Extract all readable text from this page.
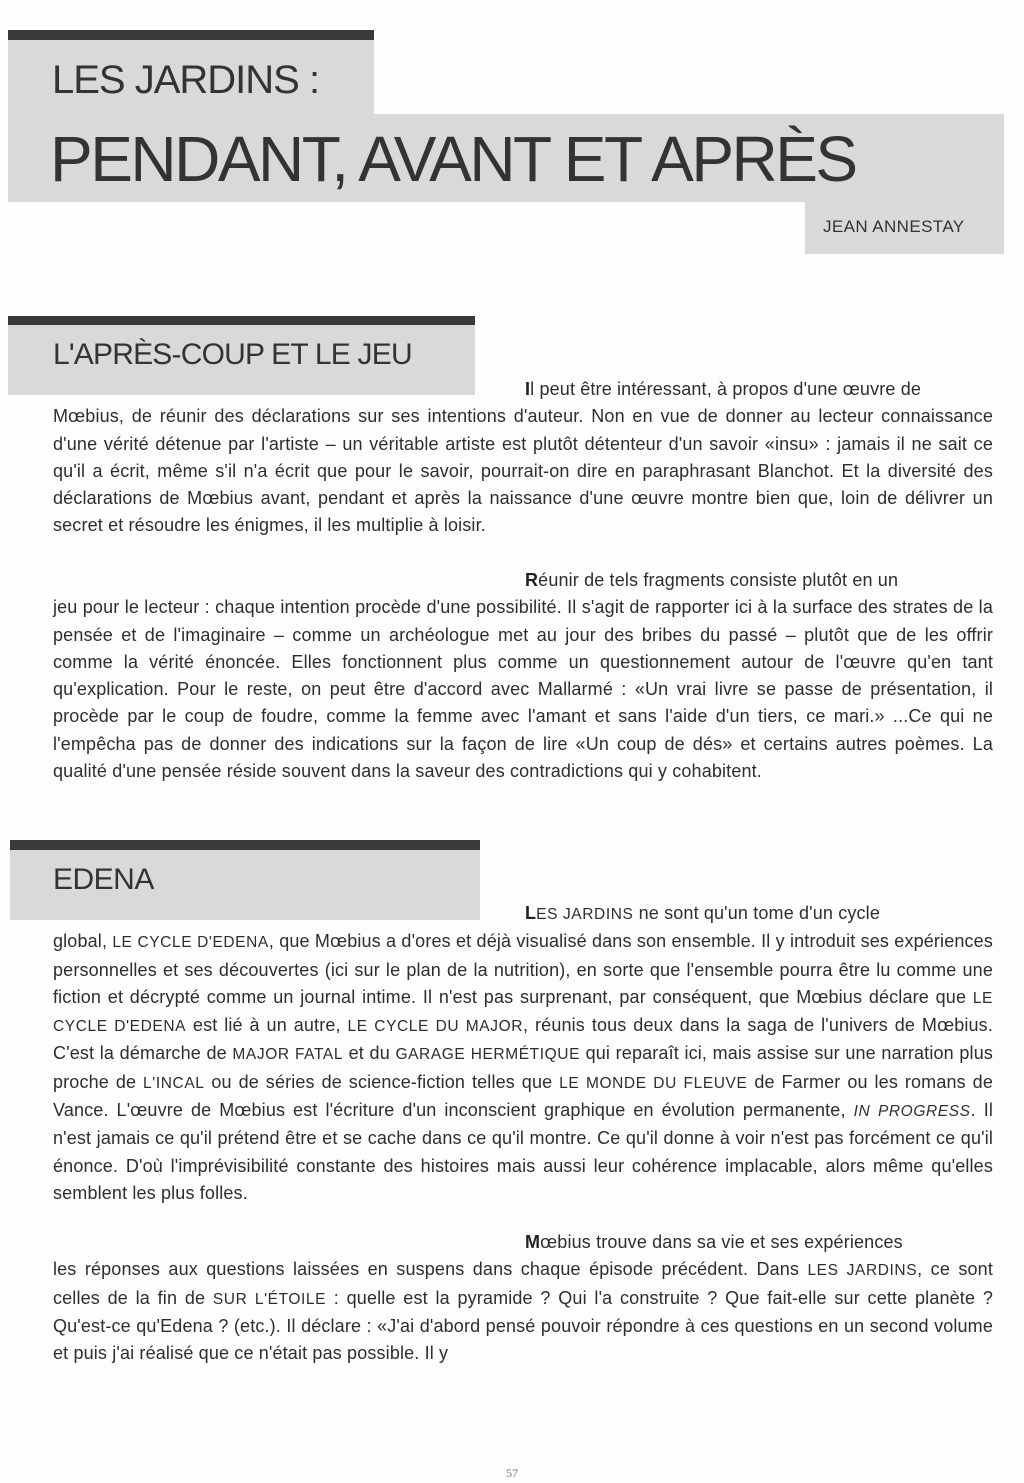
LES JARDINS :
PENDANT, AVANT ET APRÈS
JEAN ANNESTAY
L'APRÈS-COUP ET LE JEU

Il peut être intéressant, à propos d'une œuvre de
Mœbius, de réunir des déclarations sur ses intentions d'auteur. Non en vue de donner au lecteur connaissance d'une vérité détenue par l'artiste – un véritable artiste est plutôt détenteur d'un savoir «insu» : jamais il ne sait ce qu'il a écrit, même s'il n'a écrit que pour le savoir, pourrait-on dire en paraphrasant Blanchot. Et la diversité des déclarations de Mœbius avant, pendant et après la naissance d'une œuvre montre bien que, loin de délivrer un secret et résoudre les énigmes, il les multiplie à loisir.

Réunir de tels fragments consiste plutôt en un
jeu pour le lecteur : chaque intention procède d'une possibilité. Il s'agit de rapporter ici à la surface des strates de la pensée et de l'imaginaire – comme un archéologue met au jour des bribes du passé – plutôt que de les offrir comme la vérité énoncée. Elles fonctionnent plus comme un questionnement autour de l'œuvre qu'en tant qu'explication. Pour le reste, on peut être d'accord avec Mallarmé : «Un vrai livre se passe de présentation, il procède par le coup de foudre, comme la femme avec l'amant et sans l'aide d'un tiers, ce mari.» ...Ce qui ne l'empêcha pas de donner des indications sur la façon de lire «Un coup de dés» et certains autres poèmes. La qualité d'une pensée réside souvent dans la saveur des contradictions qui y cohabitent.

EDENA

LES JARDINS ne sont qu'un tome d'un cycle
global, LE CYCLE D'EDENA, que Mœbius a d'ores et déjà visualisé dans son ensemble. Il y introduit ses expériences personnelles et ses découvertes (ici sur le plan de la nutrition), en sorte que l'ensemble pourra être lu comme une fiction et décrypté comme un journal intime. Il n'est pas surprenant, par conséquent, que Mœbius déclare que LE CYCLE D'EDENA est lié à un autre, LE CYCLE DU MAJOR, réunis tous deux dans la saga de l'univers de Mœbius. C'est la démarche de MAJOR FATAL et du GARAGE HERMÉTIQUE qui reparaît ici, mais assise sur une narration plus proche de L'INCAL ou de séries de science-fiction telles que LE MONDE DU FLEUVE de Farmer ou les romans de Vance. L'œuvre de Mœbius est l'écriture d'un inconscient graphique en évolution permanente, IN PROGRESS. Il n'est jamais ce qu'il prétend être et se cache dans ce qu'il montre. Ce qu'il donne à voir n'est pas forcément ce qu'il énonce. D'où l'imprévisibilité constante des histoires mais aussi leur cohérence implacable, alors même qu'elles semblent les plus folles.

Mœbius trouve dans sa vie et ses expériences
les réponses aux questions laissées en suspens dans chaque épisode précédent. Dans LES JARDINS, ce sont celles de la fin de SUR L'ÉTOILE : quelle est la pyramide ? Qui l'a construite ? Que fait-elle sur cette planète ? Qu'est-ce qu'Edena ? (etc.). Il déclare : «J'ai d'abord pensé pouvoir répondre à ces questions en un second volume et puis j'ai réalisé que ce n'était pas possible. Il y

57
